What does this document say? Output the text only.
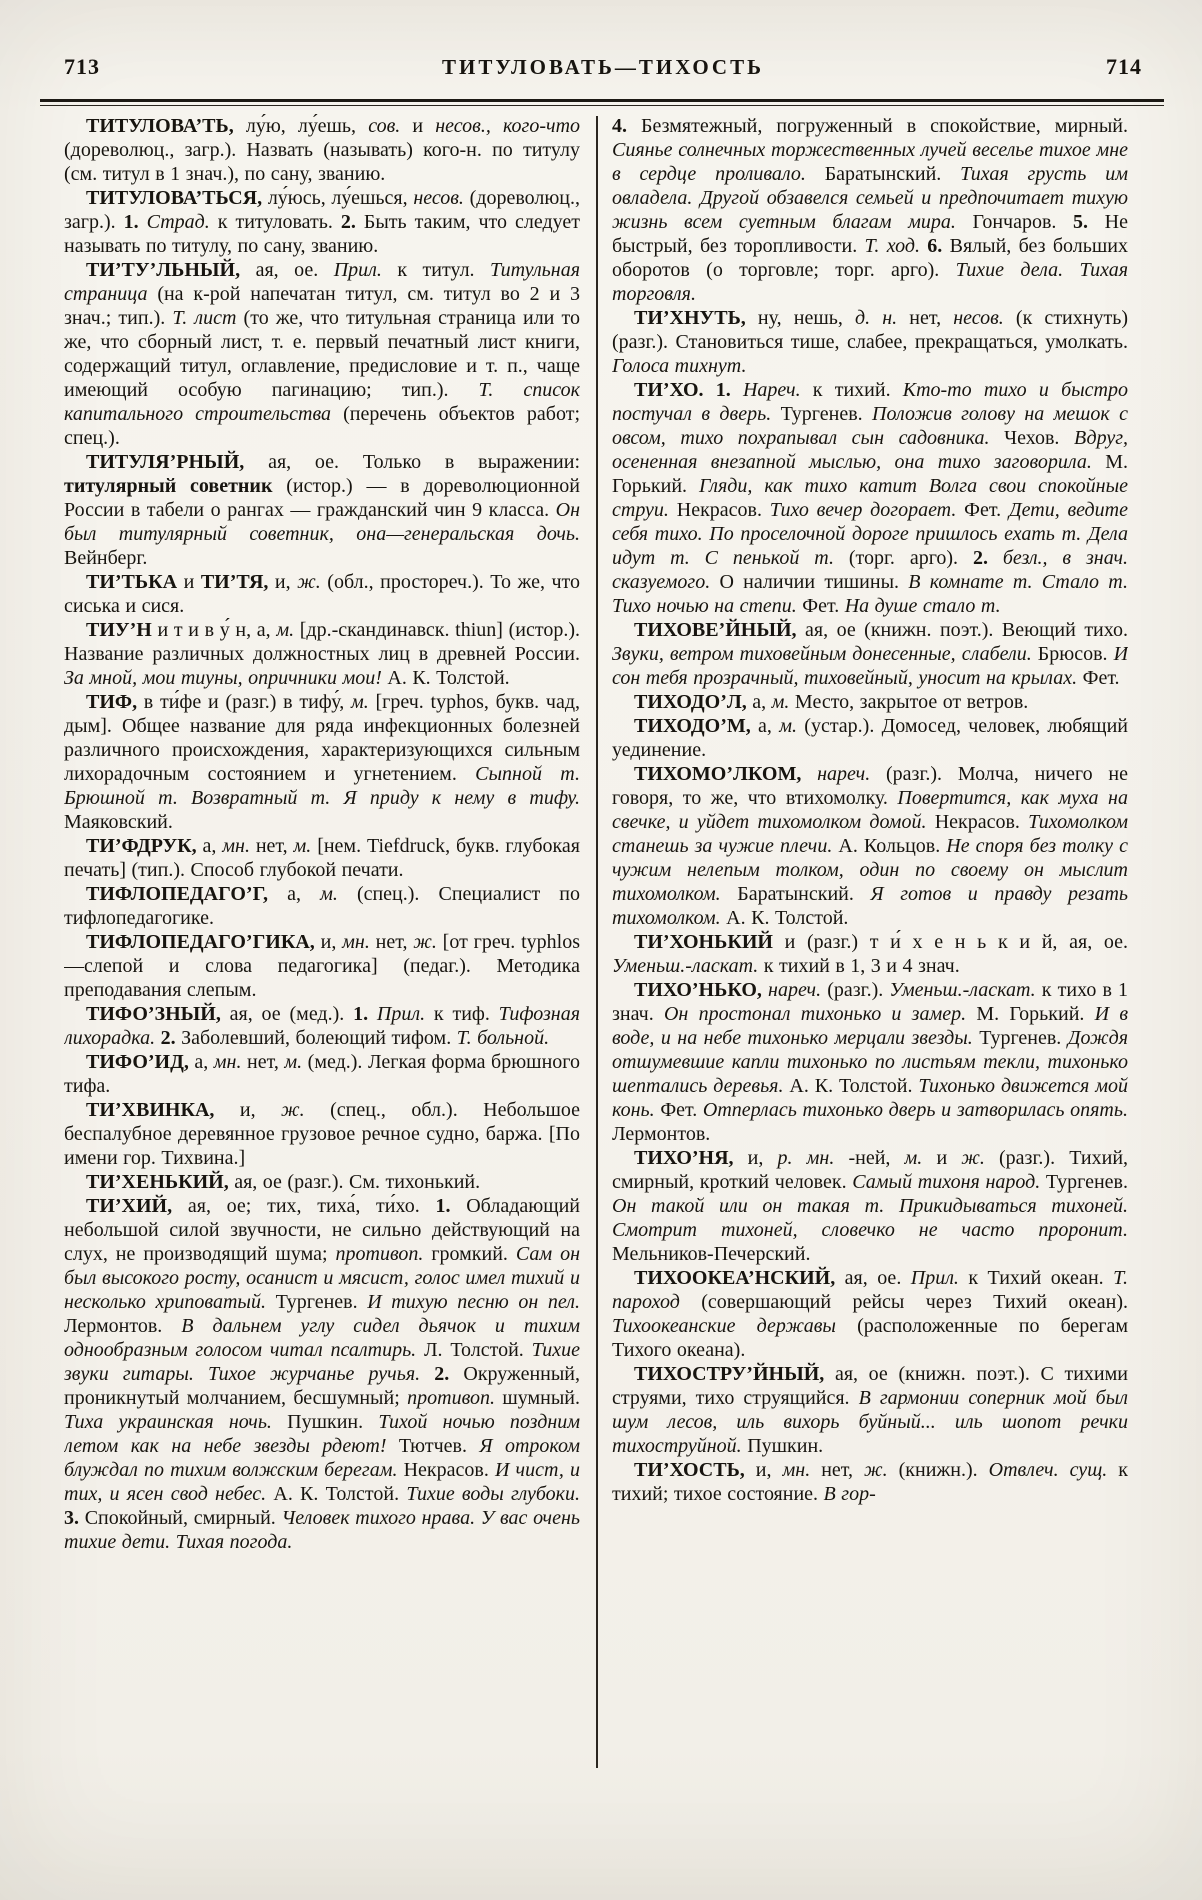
713	714
ТИТУЛОВАТЬ—ТИХОСТЬ

ТИТУЛОВА’ТЬ, лу́ю, лу́ешь, сов. и несов., кого-что (дореволюц., загр.). Назвать (называть) кого-н. по титулу (см. титул в 1 знач.), по сану, званию.

ТИТУЛОВА’ТЬСЯ, лу́юсь, лу́ешься, несов. (дореволюц., загр.). 1. Страд. к титуловать. 2. Быть таким, что следует называть по титулу, по сану, званию.

ТИ’ТУ’ЛЬНЫЙ, ая, ое. Прил. к титул. Титульная страница (на к-рой напечатан титул, см. титул во 2 и 3 знач.; тип.). Т. лист (то же, что титульная страница или то же, что сборный лист, т. е. первый печатный лист книги, содержащий титул, оглавление, предисловие и т. п., чаще имеющий особую пагинацию; тип.). Т. список капитального строительства (перечень объектов работ; спец.).

ТИТУЛЯ’РНЫЙ, ая, ое. Только в выражении: титулярный советник (истор.) — в дореволюционной России в табели о рангах — гражданский чин 9 класса. Он был титулярный советник, она—генеральская дочь. Вейнберг.

ТИ’ТЬКА и ТИ’ТЯ, и, ж. (обл., простореч.). То же, что сиська и сися.

ТИУ’Н и т и в у́ н, а, м. [др.-скандинавск. thiun] (истор.). Название различных должностных лиц в древней России. За мной, мои тиуны, опричники мои! А. К. Толстой.

ТИФ, в ти́фе и (разг.) в тифу́, м. [греч. typhos, букв. чад, дым]. Общее название для ряда инфекционных болезней различного происхождения, характеризующихся сильным лихорадочным состоянием и угнетением. Сыпной т. Брюшной т. Возвратный т. Я приду к нему в тифу. Маяковский.

ТИ’ФДРУК, а, мн. нет, м. [нем. Tiefdruck, букв. глубокая печать] (тип.). Способ глубокой печати.

ТИФЛОПЕДАГО’Г, а, м. (спец.). Специалист по тифлопедагогике.

ТИФЛОПЕДАГО’ГИКА, и, мн. нет, ж. [от греч. typhlos—слепой и слова педагогика] (педаг.). Методика преподавания слепым.

ТИФО’ЗНЫЙ, ая, ое (мед.). 1. Прил. к тиф. Тифозная лихорадка. 2. Заболевший, болеющий тифом. Т. больной.

ТИФО’ИД, а, мн. нет, м. (мед.). Легкая форма брюшного тифа.

ТИ’ХВИНКА, и, ж. (спец., обл.). Небольшое беспалубное деревянное грузовое речное судно, баржа. [По имени гор. Тихвина.]

ТИ’ХЕНЬКИЙ, ая, ое (разг.). См. тихонький.

ТИ’ХИЙ, ая, ое; тих, тиха́, ти́хо. 1. Обладающий небольшой силой звучности, не сильно действующий на слух, не производящий шума; противоп. громкий. Сам он был высокого росту, осанист и мясист, голос имел тихий и несколько хриповатый. Тургенев. И тихую песню он пел. Лермонтов. В дальнем углу сидел дьячок и тихим однообразным голосом читал псалтирь. Л. Толстой. Тихие звуки гитары. Тихое журчанье ручья. 2. Окруженный, проникнутый молчанием, бесшумный; противоп. шумный. Тиха украинская ночь. Пушкин. Тихой ночью поздним летом как на небе звезды рдеют! Тютчев. Я отроком блуждал по тихим волжским берегам. Некрасов. И чист, и тих, и ясен свод небес. А. К. Толстой. Тихие воды глубоки. 3. Спокойный, смирный. Человек тихого нрава. У вас очень тихие дети. Тихая погода.

4. Безмятежный, погруженный в спокойствие, мирный. Сиянье солнечных торжественных лучей веселье тихое мне в сердце проливало. Баратынский. Тихая грусть им овладела. Другой обзавелся семьей и предпочитает тихую жизнь всем суетным благам мира. Гончаров. 5. Не быстрый, без торопливости. Т. ход. 6. Вялый, без больших оборотов (о торговле; торг. арго). Тихие дела. Тихая торговля.

ТИ’ХНУТЬ, ну, нешь, д. н. нет, несов. (к стихнуть) (разг.). Становиться тише, слабее, прекращаться, умолкать. Голоса тихнут.

ТИ’ХО. 1. Нареч. к тихий. Кто-то тихо и быстро постучал в дверь. Тургенев. Положив голову на мешок с овсом, тихо похрапывал сын садовника. Чехов. Вдруг, осененная внезапной мыслью, она тихо заговорила. М. Горький. Гляди, как тихо катит Волга свои спокойные струи. Некрасов. Тихо вечер догорает. Фет. Дети, ведите себя тихо. По проселочной дороге пришлось ехать т. Дела идут т. С пенькой т. (торг. арго). 2. безл., в знач. сказуемого. О наличии тишины. В комнате т. Стало т. Тихо ночью на степи. Фет. На душе стало т.

ТИХОВЕ’ЙНЫЙ, ая, ое (книжн. поэт.). Веющий тихо. Звуки, ветром тиховейным донесенные, слабели. Брюсов. И сон тебя прозрачный, тиховейный, уносит на крылах. Фет.

ТИХОДО’Л, а, м. Место, закрытое от ветров.

ТИХОДО’М, а, м. (устар.). Домосед, человек, любящий уединение.

ТИХОМО’ЛКОМ, нареч. (разг.). Молча, ничего не говоря, то же, что втихомолку. Повертится, как муха на свечке, и уйдет тихомолком домой. Некрасов. Тихомолком станешь за чужие плечи. А. Кольцов. Не споря без толку с чужим нелепым толком, один по своему он мыслит тихомолком. Баратынский. Я готов и правду резать тихомолком. А. К. Толстой.

ТИ’ХОНЬКИЙ и (разг.) т и́ х е н ь к и й, ая, ое. Уменьш.-ласкат. к тихий в 1, 3 и 4 знач.

ТИХО’НЬКО, нареч. (разг.). Уменьш.-ласкат. к тихо в 1 знач. Он простонал тихонько и замер. М. Горький. И в воде, и на небе тихонько мерцали звезды. Тургенев. Дождя отшумевшие капли тихонько по листьям текли, тихонько шептались деревья. А. К. Толстой. Тихонько движется мой конь. Фет. Отперлась тихонько дверь и затворилась опять. Лермонтов.

ТИХО’НЯ, и, р. мн. -ней, м. и ж. (разг.). Тихий, смирный, кроткий человек. Самый тихоня народ. Тургенев. Он такой или он такая т. Прикидываться тихоней. Смотрит тихоней, словечко не часто проронит. Мельников-Печерский.

ТИХООКЕА’НСКИЙ, ая, ое. Прил. к Тихий океан. Т. пароход (совершающий рейсы через Тихий океан). Тихоокеанские державы (расположенные по берегам Тихого океана).

ТИХОСТРУ’ЙНЫЙ, ая, ое (книжн. поэт.). С тихими струями, тихо струящийся. В гармонии соперник мой был шум лесов, иль вихорь буйный... иль шопот речки тихоструйной. Пушкин.

ТИ’ХОСТЬ, и, мн. нет, ж. (книжн.). Отвлеч. сущ. к тихий; тихое состояние. В гор-
